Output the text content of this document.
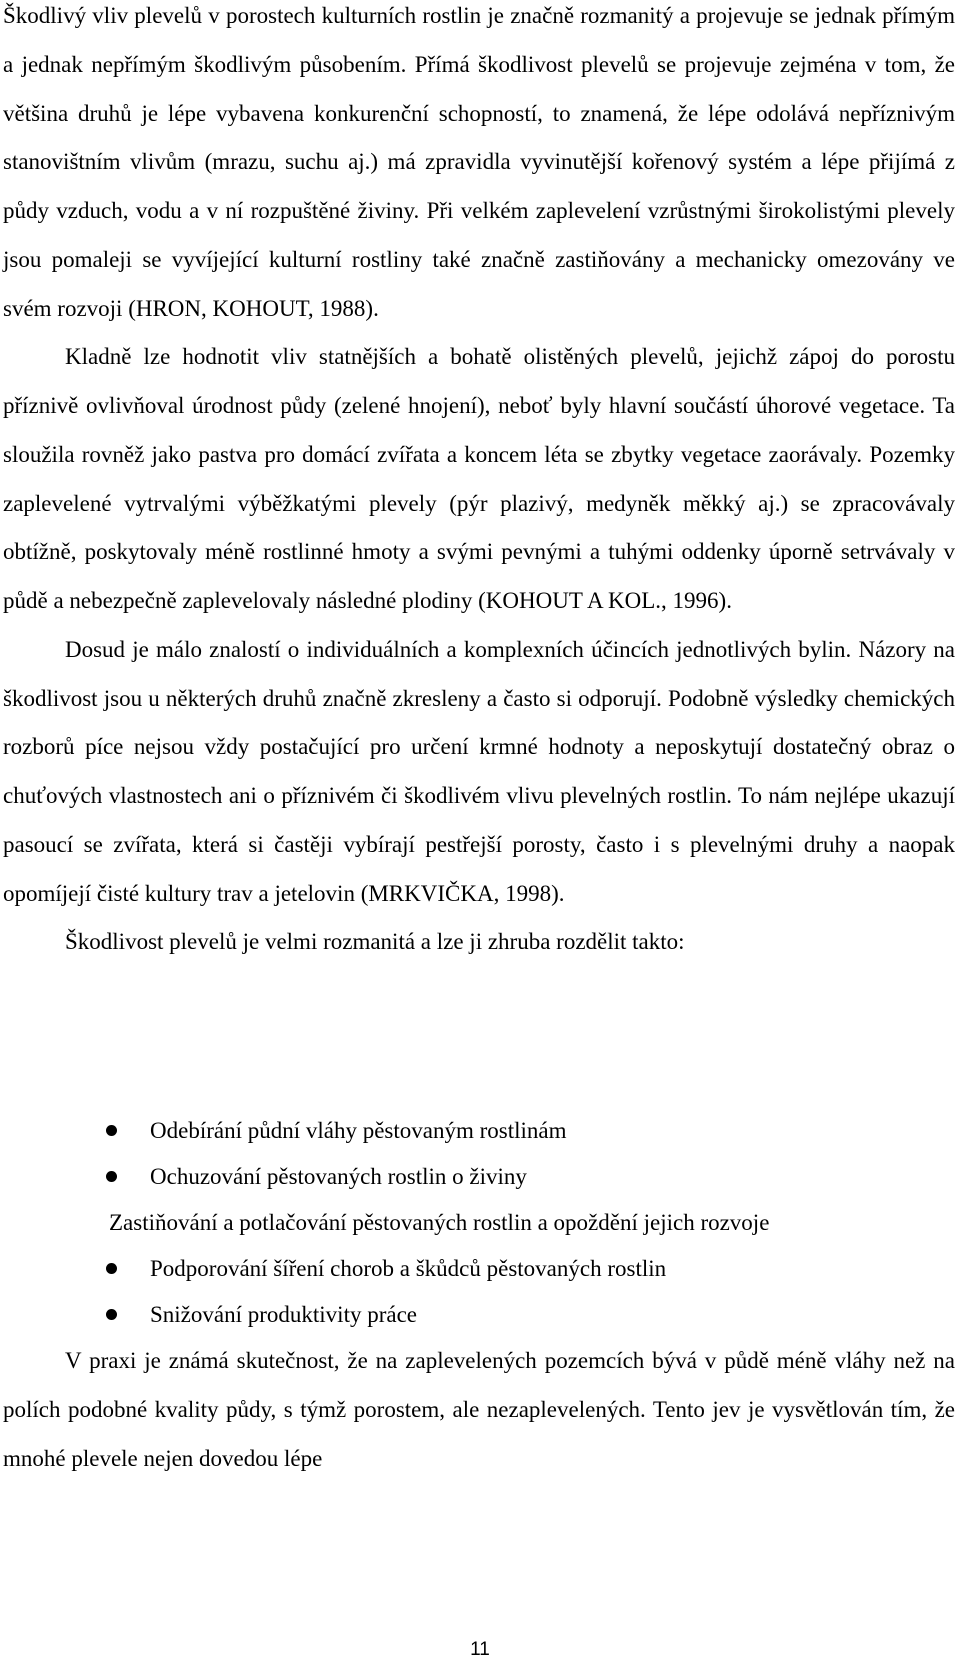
Škodlivý vliv plevelů v porostech kulturních rostlin je značně rozmanitý a projevuje se jednak přímým a jednak nepřímým škodlivým působením. Přímá škodlivost plevelů se projevuje zejména v tom, že většina druhů je lépe vybavena konkurenční schopností, to znamená, že lépe odolává nepříznivým stanovištním vlivům (mrazu, suchu aj.) má zpravidla vyvinutější kořenový systém a lépe přijímá z půdy vzduch, vodu a v ní rozpuštěné živiny. Při velkém zaplevelení vzrůstnými širokolistými plevely jsou pomaleji se vyvíjející kulturní rostliny také značně zastiňovány a mechanicky omezovány ve svém rozvoji (HRON, KOHOUT, 1988).

Kladně lze hodnotit vliv statnějších a bohatě olistěných plevelů, jejichž zápoj do porostu příznivě ovlivňoval úrodnost půdy (zelené hnojení), neboť byly hlavní součástí úhorové vegetace. Ta sloužila rovněž jako pastva pro domácí zvířata a koncem léta se zbytky vegetace zaorávaly. Pozemky zaplevelené vytrvalými výběžkatými plevely (pýr plazivý, medyněk měkký aj.) se zpracovávaly obtížně, poskytovaly méně rostlinné hmoty a svými pevnými a tuhými oddenky úporně setrvávaly v půdě a nebezpečně zaplevelovaly následné plodiny (KOHOUT A KOL., 1996).

Dosud je málo znalostí o individuálních a komplexních účincích jednotlivých bylin. Názory na škodlivost jsou u některých druhů značně zkresleny a často si odporují. Podobně výsledky chemických rozborů píce nejsou vždy postačující pro určení krmné hodnoty a neposkytují dostatečný obraz o chuťových vlastnostech ani o příznivém či škodlivém vlivu plevelných rostlin. To nám nejlépe ukazují pasoucí se zvířata, která si častěji vybírají pestřejší porosty, často i s plevelnými druhy a naopak opomíjejí čisté kultury trav a jetelovin (MRKVIČKA, 1998).

Škodlivost plevelů je velmi rozmanitá a lze ji zhruba rozdělit takto:

Odebírání půdní vláhy pěstovaným rostlinám
Ochuzování pěstovaných rostlin o živiny
Zastiňování a potlačování pěstovaných rostlin a opoždění jejich rozvoje
Podporování šíření chorob a škůdců pěstovaných rostlin
Snižování produktivity práce

V praxi je známá skutečnost, že na zaplevelených pozemcích bývá v půdě méně vláhy než na polích podobné kvality půdy, s týmž porostem, ale nezaplevelených. Tento jev je vysvětlován tím, že mnohé plevele nejen dovedou lépe

11
